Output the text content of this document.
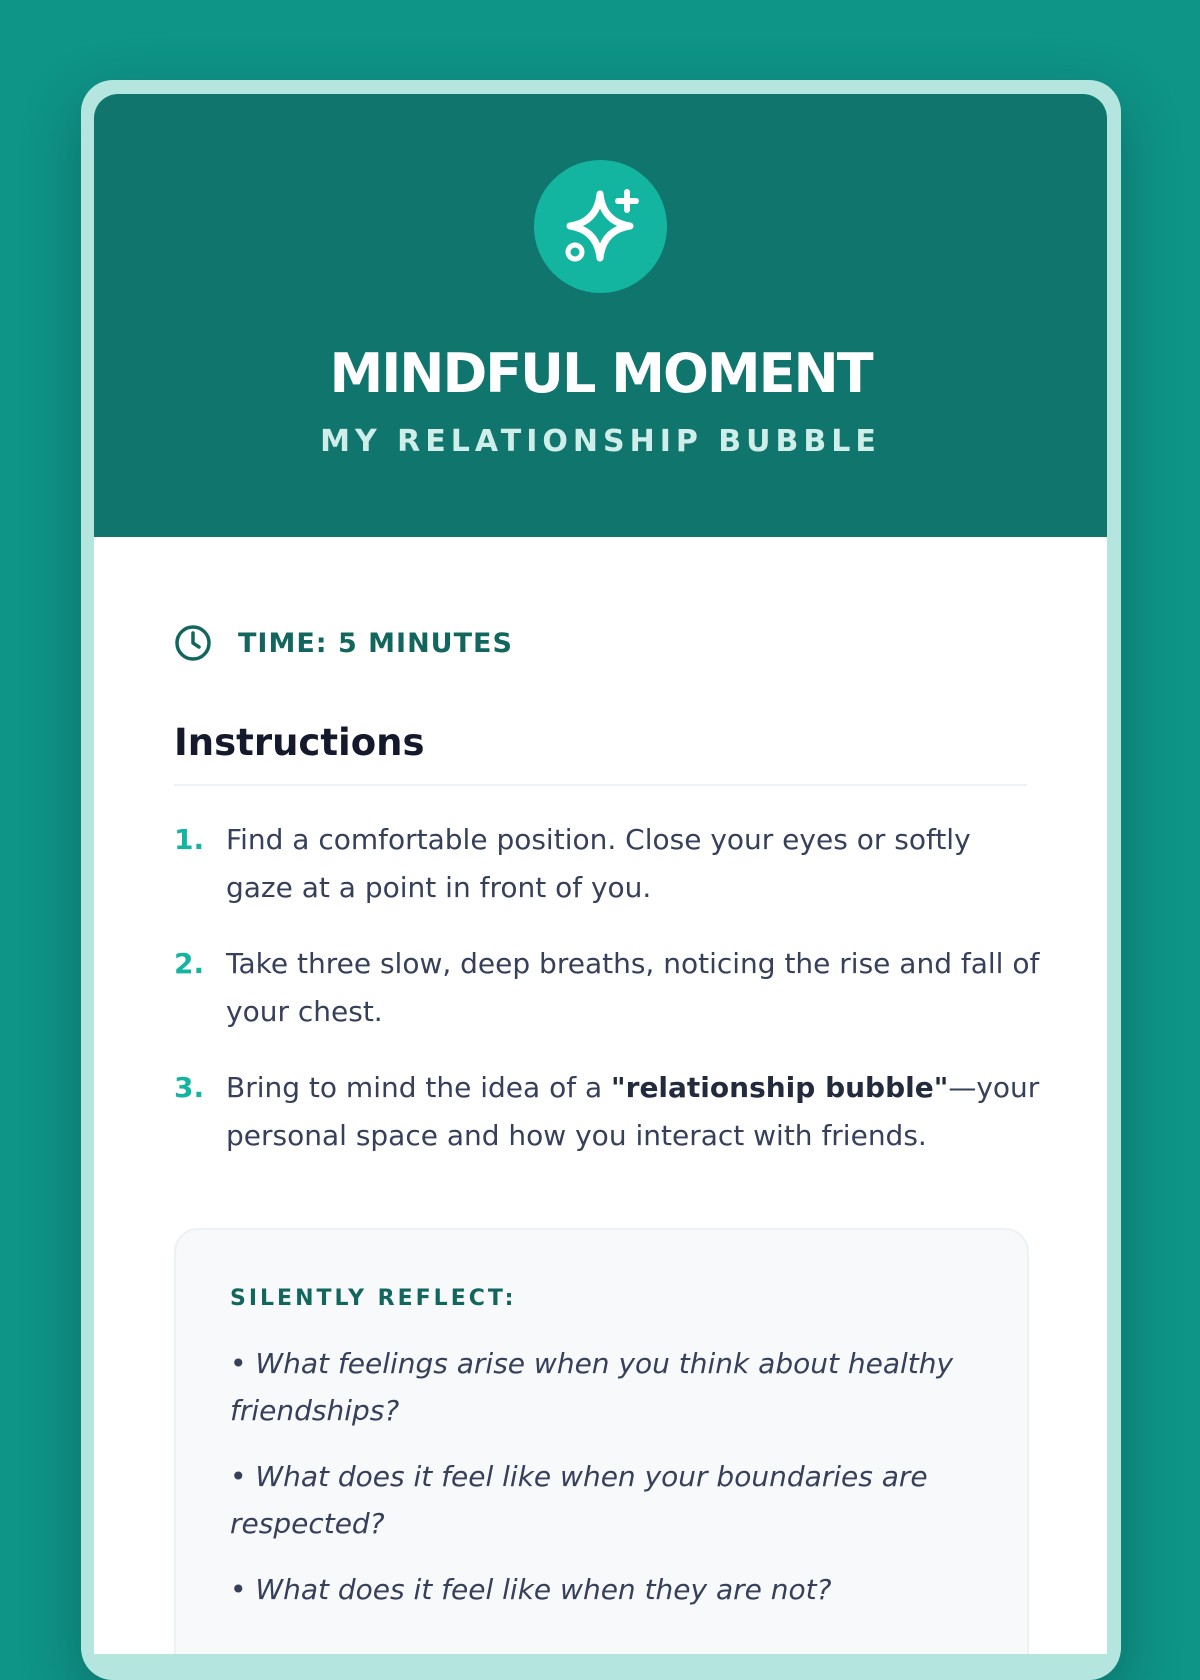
MINDFUL MOMENT
MY RELATIONSHIP BUBBLE
TIME: 5 MINUTES
Instructions
1. Find a comfortable position. Close your eyes or softly gaze at a point in front of you.
2. Take three slow, deep breaths, noticing the rise and fall of your chest.
3. Bring to mind the idea of a "relationship bubble"—your personal space and how you interact with friends.
SILENTLY REFLECT:
• What feelings arise when you think about healthy friendships?
• What does it feel like when your boundaries are respected?
• What does it feel like when they are not?
